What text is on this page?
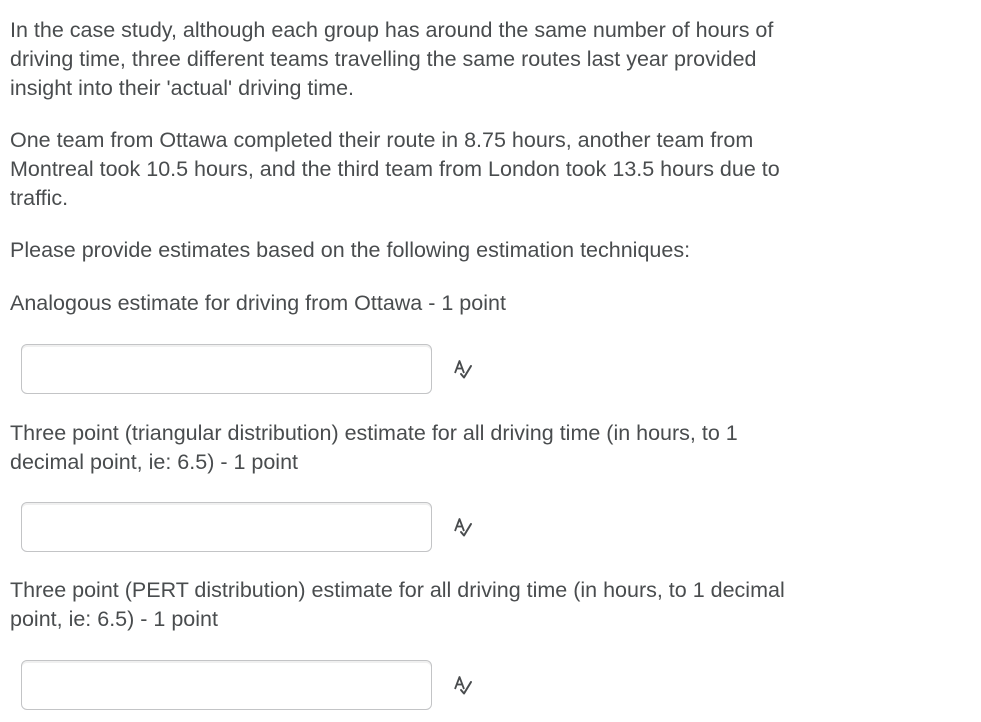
In the case study, although each group has around the same number of hours of
driving time, three different teams travelling the same routes last year provided
insight into their 'actual' driving time.

One team from Ottawa completed their route in 8.75 hours, another team from
Montreal took 10.5 hours, and the third team from London took 13.5 hours due to
traffic.

Please provide estimates based on the following estimation techniques:

Analogous estimate for driving from Ottawa - 1 point

Three point (triangular distribution) estimate for all driving time (in hours, to 1
decimal point, ie: 6.5) - 1 point

Three point (PERT distribution) estimate for all driving time (in hours, to 1 decimal
point, ie: 6.5) - 1 point
